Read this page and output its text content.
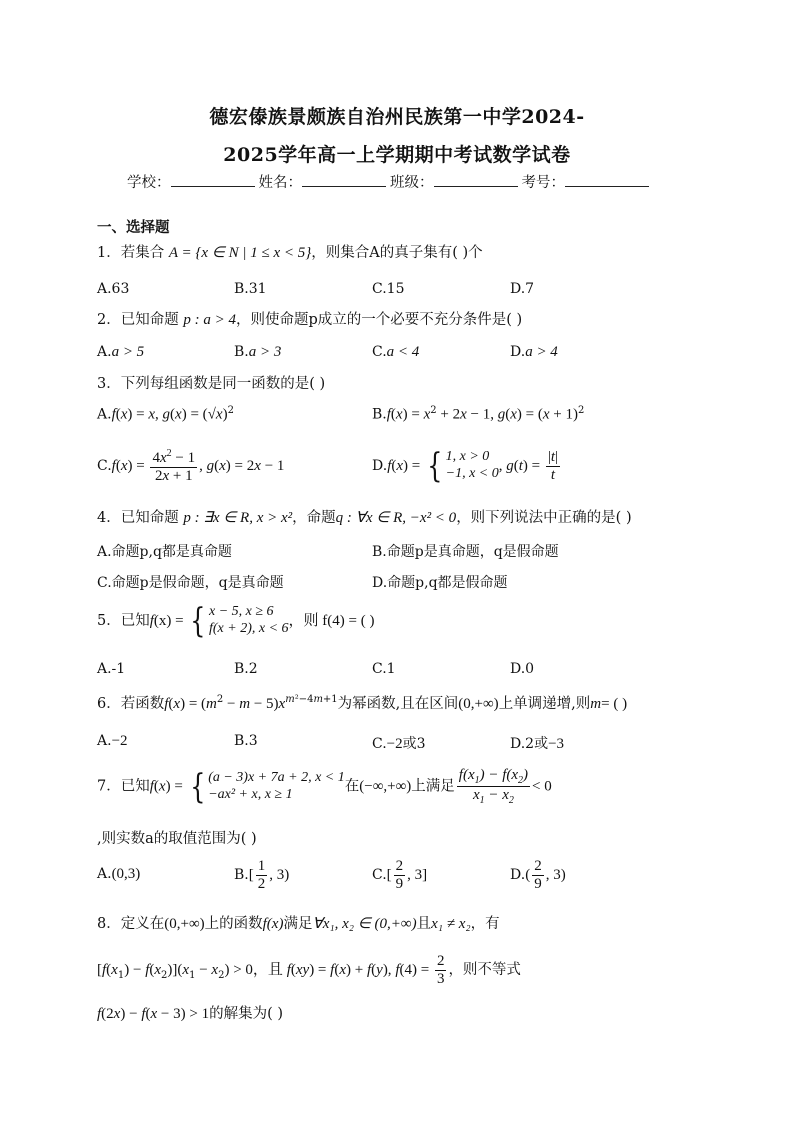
德宏傣族景颇族自治州民族第一中学2024-
2025学年高一上学期期中考试数学试卷
学校：	姓名：	班级：	考号：
一、选择题
1．若集合 A = {x ∈ N | 1 ≤ x < 5}，则集合A的真子集有( )个
A.63	B.31	C.15	D.7
2．已知命题 p : a > 4，则使命题p成立的一个必要不充分条件是( )
A.a > 5	B.a > 3	C.a < 4	D.a > 4
3．下列每组函数是同一函数的是( )
A.f(x) = x, $g(x) = (√x)^2$	$B.f(x) = x^2 + 2x - 1$, $g(x) = (x + 1)^2$
$C.f(x) = \frac{4x^2 - 1}{2x + 1}$ , g(x) = 2x − 1	D.f(x) = { 1, x > 0
−1, x < 0 , $g(t) = \frac{|t|}{t}$
4．已知命题 p : ∃x ∈ R, x > x²，命题q : ∀x ∈ R, −x² < 0，则下列说法中正确的是( )
A.命题p,q都是真命题	B.命题p是真命题，q是假命题
C.命题p是假命题，q是真命题	D.命题p,q都是假命题
5．已知f(x) = { x − 5, x ≥ 6
f(x + 2), x < 6 ，则 f(4) = ( )
A.-1	B.2	C.1	D.0
6．若函数$f(x) = (m^2 - m - 5)x^{m^2-4m+1}$为幂函数,且在区间(0,+∞)上单调递增,则m= ( )
A.−2	B.3	C.−2或3	D.2或−3
7．已知f(x) = { (a − 3)x + 7a + 2, x < 1
−ax² + x, x ≥ 1	在(−∞,+∞)上满足 $\frac{f(x_1) - f(x_2)}{x_1 - x_2} < 0$
,则实数a的取值范围为( )
A.(0,3)	$B.[ \frac{1}{2}$ , 3)	$C.[ \frac{2}{9}$ , 3]	$D.( \frac{2}{9}$ , 3)
8．定义在(0,+∞)上的函数f(x)满足∀x₁, x₂ ∈ (0,+∞)且x₁ ≠ x₂，有
$[f(x_1) - f(x_2)](x_1 - x_2) > 0$，且 f(xy) = f(x) + f(y), $f(4) = \frac{2}{3}$ ，则不等式
f(2x) − f(x − 3) > 1的解集为( )
